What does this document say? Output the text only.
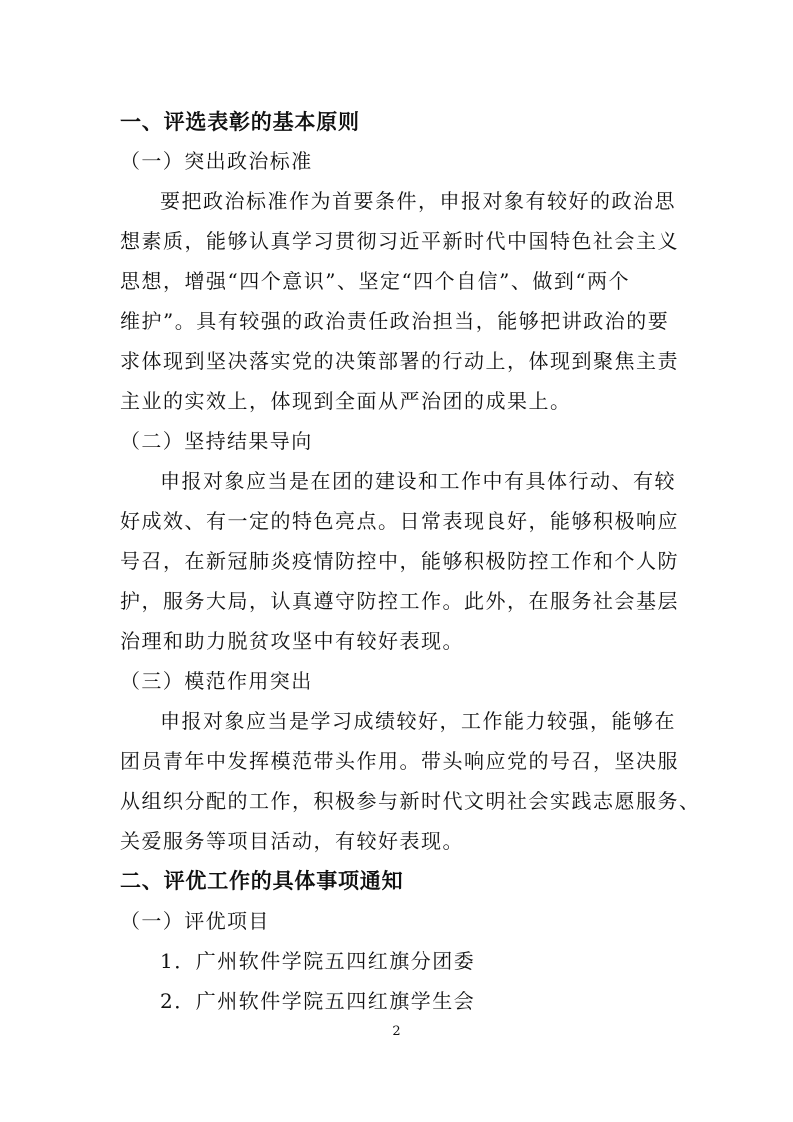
一、评选表彰的基本原则
（一）突出政治标准
要把政治标准作为首要条件，申报对象有较好的政治思
想素质，能够认真学习贯彻习近平新时代中国特色社会主义
思想，增强“四个意识”、坚定“四个自信”、做到“两个
维护”。具有较强的政治责任政治担当，能够把讲政治的要
求体现到坚决落实党的决策部署的行动上，体现到聚焦主责
主业的实效上，体现到全面从严治团的成果上。
（二）坚持结果导向
申报对象应当是在团的建设和工作中有具体行动、有较
好成效、有一定的特色亮点。日常表现良好，能够积极响应
号召，在新冠肺炎疫情防控中，能够积极防控工作和个人防
护，服务大局，认真遵守防控工作。此外，在服务社会基层
治理和助力脱贫攻坚中有较好表现。
（三）模范作用突出
申报对象应当是学习成绩较好，工作能力较强，能够在
团员青年中发挥模范带头作用。带头响应党的号召，坚决服
从组织分配的工作，积极参与新时代文明社会实践志愿服务、
关爱服务等项目活动，有较好表现。
二、评优工作的具体事项通知
（一）评优项目
1．广州软件学院五四红旗分团委
2．广州软件学院五四红旗学生会
2
